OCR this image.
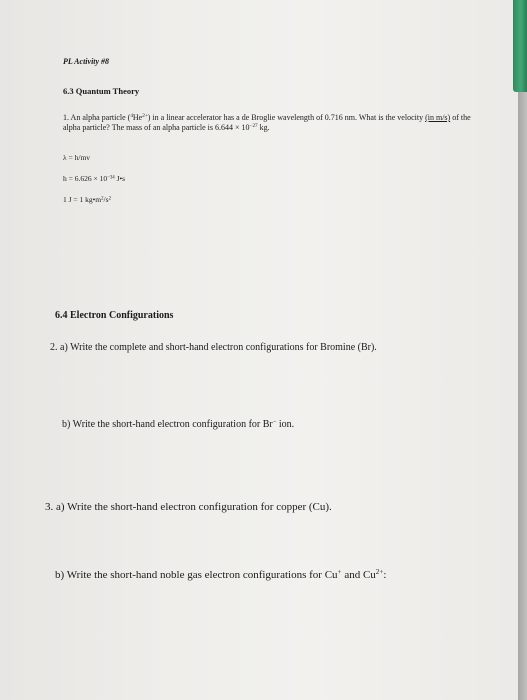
PL Activity #8
6.3 Quantum Theory
1. An alpha particle $(^4He^{2+})$ in a linear accelerator has a de Broglie wavelength of 0.716 nm. What is the velocity (in m/s) of the alpha particle? The mass of an alpha particle is $6.644 \times 10^{-27}$ kg.
λ = h/mv
$h = 6.626 \times 10^{-34}$ J•s
1 J = 1 $kg•m^2/s^2$
6.4 Electron Configurations
2. a) Write the complete and short-hand electron configurations for Bromine (Br).
b) Write the short-hand electron configuration for Br− ion.
3. a) Write the short-hand electron configuration for copper (Cu).
b) Write the short-hand noble gas electron configurations for Cu+ and $Cu^{2+}$:
